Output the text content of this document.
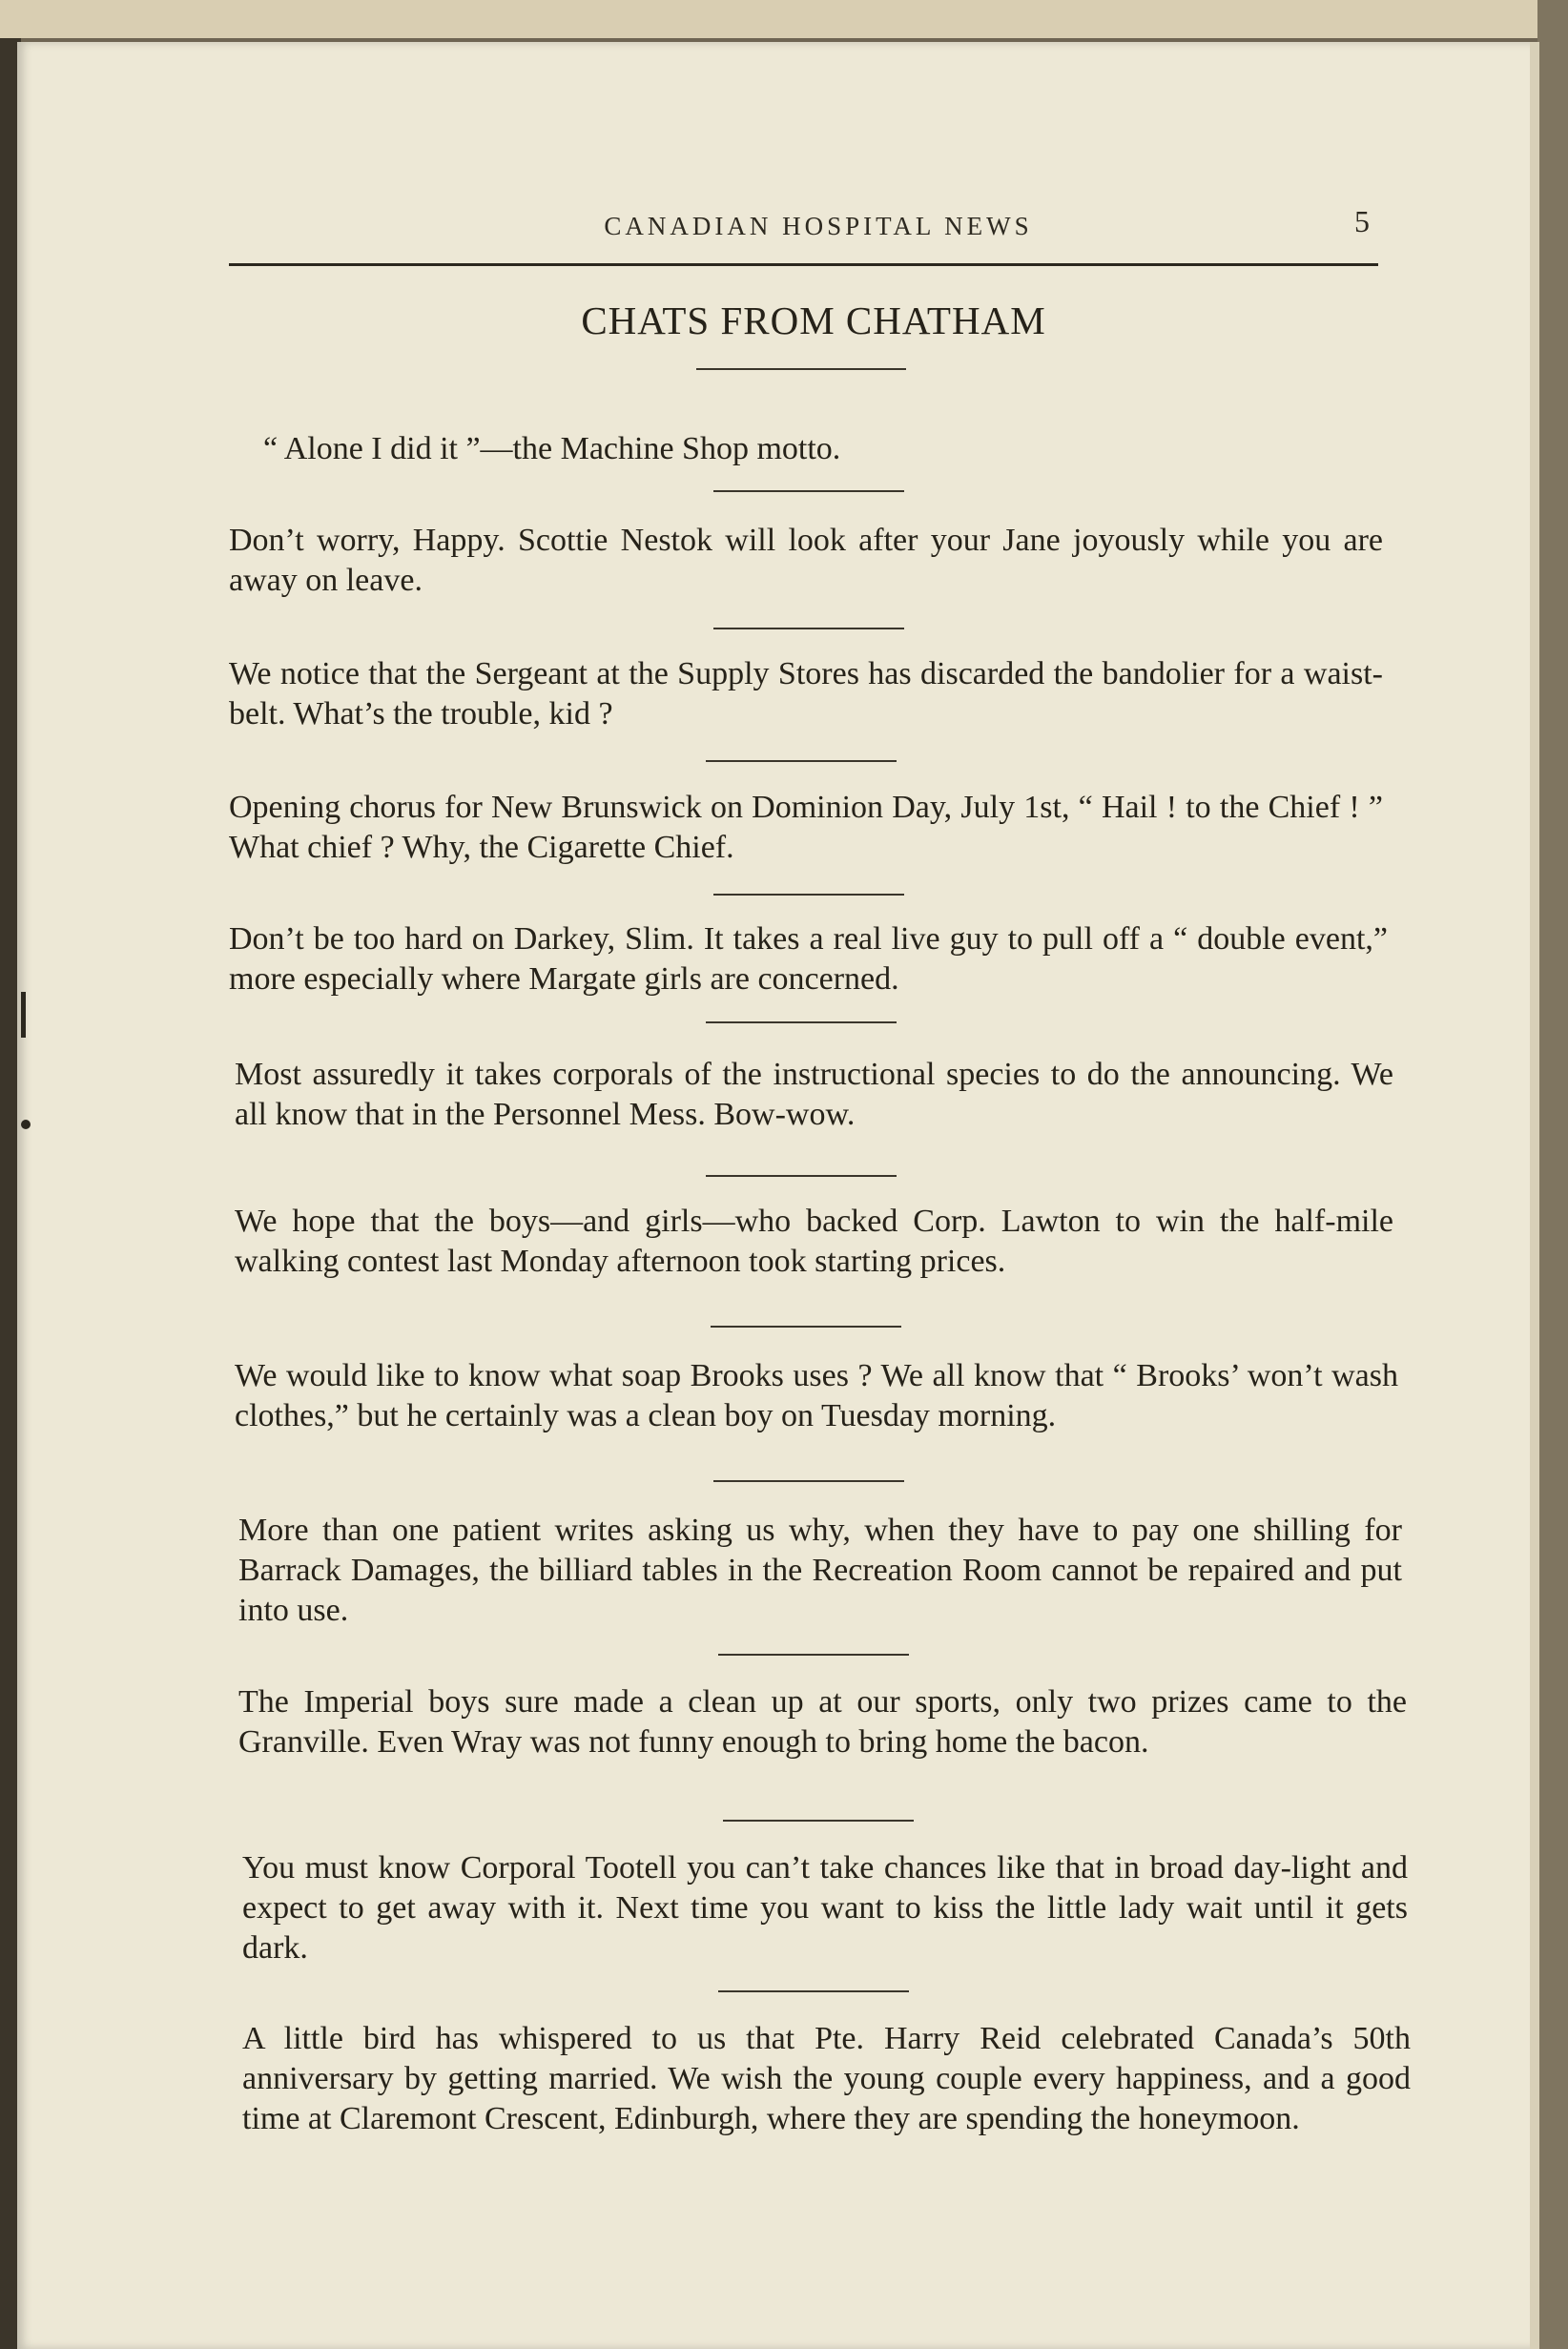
CANADIAN HOSPITAL NEWS	5
CHATS FROM CHATHAM

“ Alone I did it ”—the Machine Shop motto.

Don’t worry, Happy. Scottie Nestok will look after your Jane joyously while you are away on leave.

We notice that the Sergeant at the Supply Stores has discarded the bandolier for a waist-belt. What’s the trouble, kid ?

Opening chorus for New Brunswick on Dominion Day, July 1st, “ Hail ! to the Chief ! ” What chief ? Why, the Cigarette Chief.

Don’t be too hard on Darkey, Slim. It takes a real live guy to pull off a “ double event,” more especially where Margate girls are concerned.

Most assuredly it takes corporals of the instructional species to do the announcing. We all know that in the Personnel Mess. Bow-wow.

We hope that the boys—and girls—who backed Corp. Lawton to win the half-mile walking contest last Monday afternoon took starting prices.

We would like to know what soap Brooks uses ? We all know that “ Brooks’ won’t wash clothes,” but he certainly was a clean boy on Tuesday morning.

More than one patient writes asking us why, when they have to pay one shilling for Barrack Damages, the billiard tables in the Recreation Room cannot be repaired and put into use.

The Imperial boys sure made a clean up at our sports, only two prizes came to the Granville. Even Wray was not funny enough to bring home the bacon.

You must know Corporal Tootell you can’t take chances like that in broad day-light and expect to get away with it. Next time you want to kiss the little lady wait until it gets dark.

A little bird has whispered to us that Pte. Harry Reid celebrated Canada’s 50th anniversary by getting married. We wish the young couple every happiness, and a good time at Claremont Crescent, Edinburgh, where they are spending the honeymoon.
